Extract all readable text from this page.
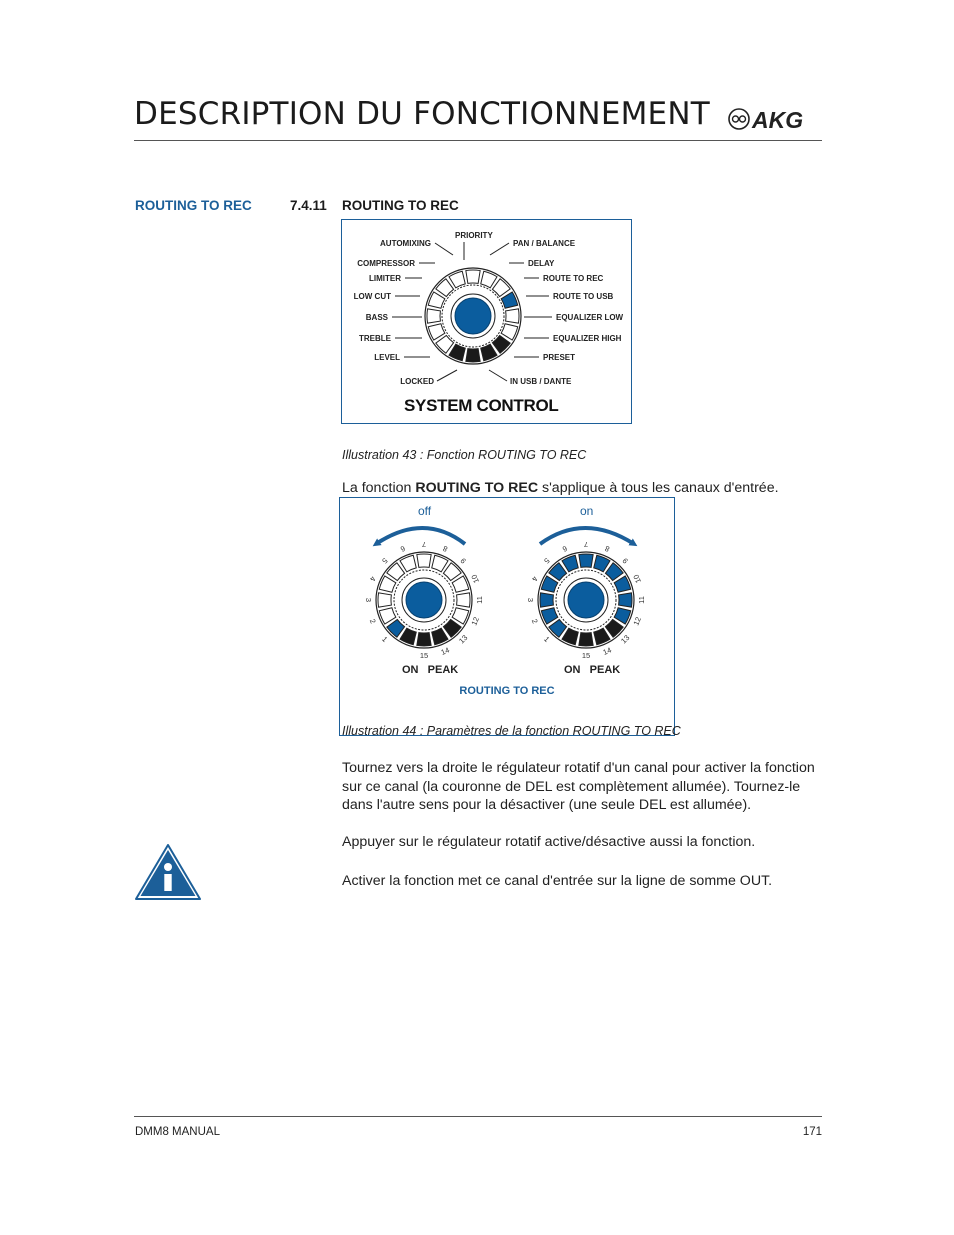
DESCRIPTION DU FONCTIONNEMENT AKG
ROUTING TO REC	7.4.11 ROUTING TO REC
PRIORITY
AUTOMIXING
COMPRESSOR
LIMITER
LOW CUT
BASS
TREBLE
LEVEL
LOCKED
PAN / BALANCE
DELAY
ROUTE TO REC
ROUTE TO USB
EQUALIZER LOW
EQUALIZER HIGH
PRESET
IN USB / DANTE
SYSTEM CONTROL
Illustration 43 : Fonction ROUTING TO REC
La fonction ROUTING TO REC s'applique à tous les canaux d'entrée.
off	on
1
2
3
4
5
6 7 8
9
10
11
12
13
14
15
1
2
3
4
5
6 7 8
9
10
11
12
13
14
15
ON   PEAK	ON   PEAK
ROUTING TO REC
Illustration 44 : Paramètres de la fonction ROUTING TO REC
Tournez vers la droite le régulateur rotatif d'un canal pour activer la fonction sur ce canal (la couronne de DEL est complètement allumée). Tournez-le dans l'autre sens pour la désactiver (une seule DEL est allumée).
Appuyer sur le régulateur rotatif active/désactive aussi la fonction.
Activer la fonction met ce canal d'entrée sur la ligne de somme OUT.
DMM8 MANUAL	171
